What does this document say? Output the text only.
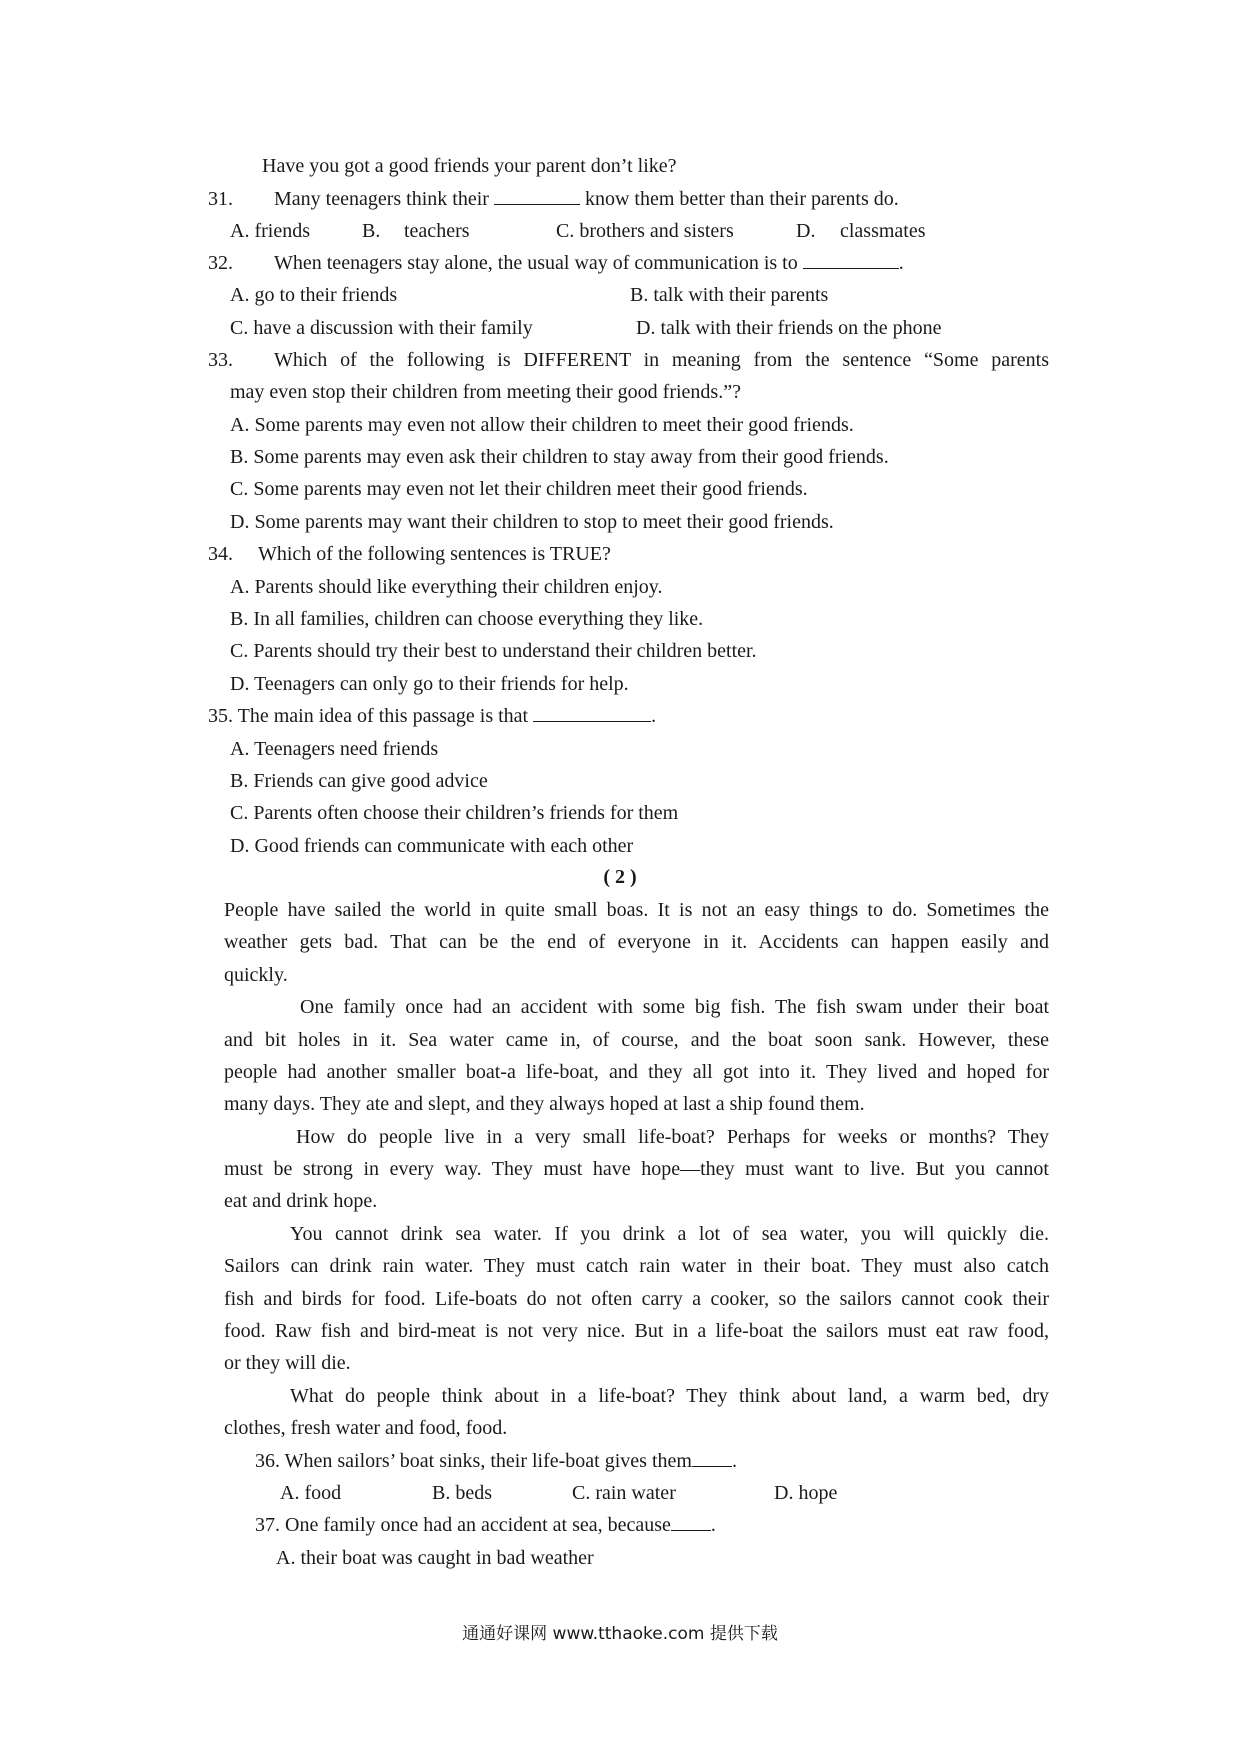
Have you got a good friends your parent don’t like?
31. Many teenagers think their	know them better than their parents do.
A. friends	B. teachers	C. brothers and sisters	D. classmates
32. When teenagers stay alone, the usual way of communication is to	.
A. go to their friends	B. talk with their parents
C. have a discussion with their family	D. talk with their friends on the phone
33. Which of the following is DIFFERENT in meaning from the sentence “Some parents
may even stop their children from meeting their good friends.”?
A. Some parents may even not allow their children to meet their good friends.
B. Some parents may even ask their children to stay away from their good friends.
C. Some parents may even not let their children meet their good friends.
D. Some parents may want their children to stop to meet their good friends.
34. Which of the following sentences is TRUE?
A. Parents should like everything their children enjoy.
B. In all families, children can choose everything they like.
C. Parents should try their best to understand their children better.
D. Teenagers can only go to their friends for help.
35. The main idea of this passage is that	.
A. Teenagers need friends
B. Friends can give good advice
C. Parents often choose their children’s friends for them
D. Good friends can communicate with each other
( 2 )
People have sailed the world in quite small boas. It is not an easy things to do. Sometimes the
weather gets bad. That can be the end of everyone in it. Accidents can happen easily and
quickly.
One family once had an accident with some big fish. The fish swam under their boat
and bit holes in it. Sea water came in, of course, and the boat soon sank. However, these
people had another smaller boat-a life-boat, and they all got into it. They lived and hoped for
many days. They ate and slept, and they always hoped at last a ship found them.
How do people live in a very small life-boat? Perhaps for weeks or months? They
must be strong in every way. They must have hope—they must want to live. But you cannot
eat and drink hope.
You cannot drink sea water. If you drink a lot of sea water, you will quickly die.
Sailors can drink rain water. They must catch rain water in their boat. They must also catch
fish and birds for food. Life-boats do not often carry a cooker, so the sailors cannot cook their
food. Raw fish and bird-meat is not very nice. But in a life-boat the sailors must eat raw food,
or they will die.
What do people think about in a life-boat? They think about land, a warm bed, dry
clothes, fresh water and food, food.
36. When sailors’ boat sinks, their life-boat gives them .
A. food	B. beds	C. rain water	D. hope
37. One family once had an accident at sea, because .
A. their boat was caught in bad weather
通通好课网 www.tthaoke.com 提供下载
